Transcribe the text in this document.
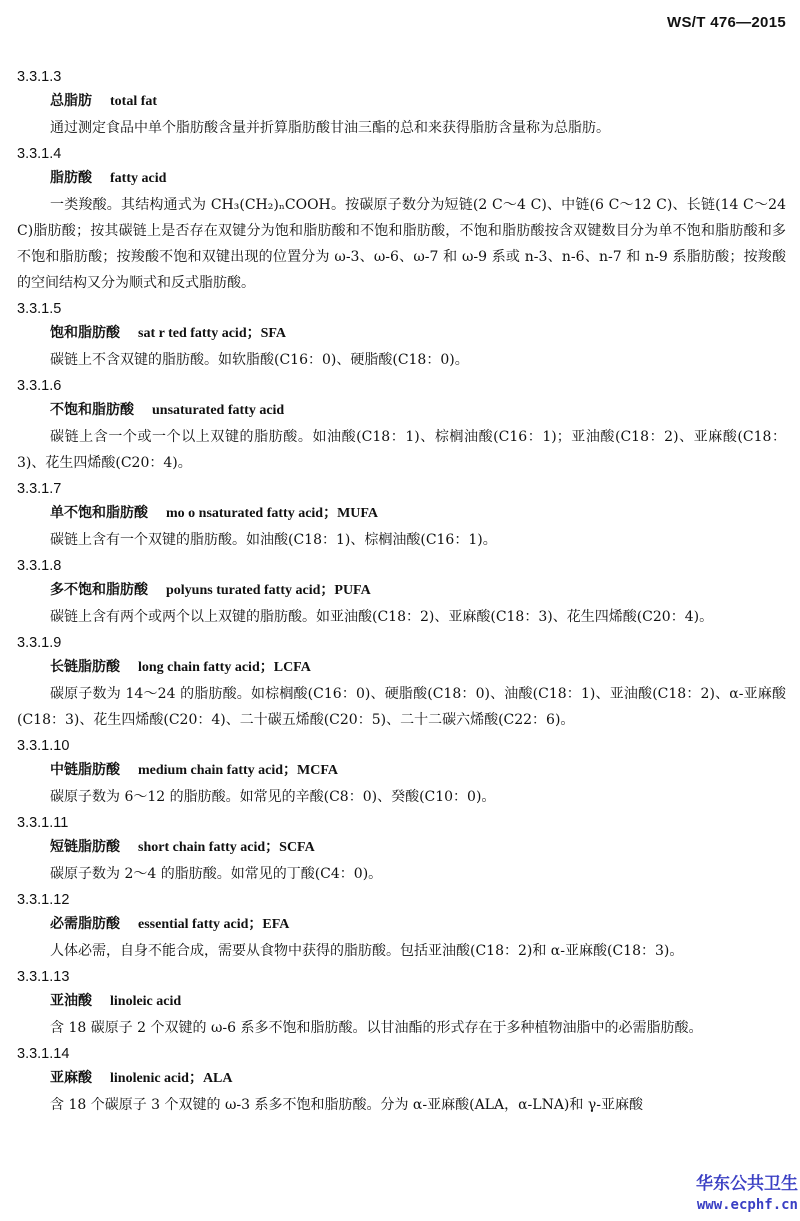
WS/T 476—2015
3.3.1.3
总脂肪 total fat

通过测定食品中单个脂肪酸含量并折算脂肪酸甘油三酯的总和来获得脂肪含量称为总脂肪。

3.3.1.4
脂肪酸 fatty acid

一类羧酸。其结构通式为 CH₃(CH₂)ₙCOOH。按碳原子数分为短链(2 C～4 C)、中链(6 C～12 C)、长链(14 C～24 C)脂肪酸；按其碳链上是否存在双键分为饱和脂肪酸和不饱和脂肪酸，不饱和脂肪酸按含双键数目分为单不饱和脂肪酸和多不饱和脂肪酸；按羧酸不饱和双键出现的位置分为 ω-3、ω-6、ω-7 和 ω-9 系或 n-3、n-6、n-7 和 n-9 系脂肪酸；按羧酸的空间结构又分为顺式和反式脂肪酸。

3.3.1.5
饱和脂肪酸 sat r ted fatty acid；SFA

碳链上不含双键的脂肪酸。如软脂酸(C16：0)、硬脂酸(C18：0)。

3.3.1.6
不饱和脂肪酸 unsaturated fatty acid

碳链上含一个或一个以上双键的脂肪酸。如油酸(C18：1)、棕榈油酸(C16：1)；亚油酸(C18：2)、亚麻酸(C18：3)、花生四烯酸(C20：4)。

3.3.1.7
单不饱和脂肪酸 mo o nsaturated fatty acid；MUFA

碳链上含有一个双键的脂肪酸。如油酸(C18：1)、棕榈油酸(C16：1)。

3.3.1.8
多不饱和脂肪酸 polyuns turated fatty acid；PUFA

碳链上含有两个或两个以上双键的脂肪酸。如亚油酸(C18：2)、亚麻酸(C18：3)、花生四烯酸(C20：4)。

3.3.1.9
长链脂肪酸 long chain fatty acid；LCFA

碳原子数为 14～24 的脂肪酸。如棕榈酸(C16：0)、硬脂酸(C18：0)、油酸(C18：1)、亚油酸(C18：2)、α-亚麻酸(C18：3)、花生四烯酸(C20：4)、二十碳五烯酸(C20：5)、二十二碳六烯酸(C22：6)。

3.3.1.10
中链脂肪酸 medium chain fatty acid；MCFA

碳原子数为 6～12 的脂肪酸。如常见的辛酸(C8：0)、癸酸(C10：0)。

3.3.1.11
短链脂肪酸 short chain fatty acid；SCFA

碳原子数为 2～4 的脂肪酸。如常见的丁酸(C4：0)。

3.3.1.12
必需脂肪酸 essential fatty acid；EFA

人体必需，自身不能合成，需要从食物中获得的脂肪酸。包括亚油酸(C18：2)和 α-亚麻酸(C18：3)。

3.3.1.13
亚油酸 linoleic acid

含 18 碳原子 2 个双键的 ω-6 系多不饱和脂肪酸。以甘油酯的形式存在于多种植物油脂中的必需脂肪酸。

3.3.1.14
亚麻酸 linolenic acid；ALA

含 18 个碳原子 3 个双键的 ω-3 系多不饱和脂肪酸。分为 α-亚麻酸(ALA，α-LNA)和 γ-亚麻酸

华东公共卫生
www.ecphf.cn
